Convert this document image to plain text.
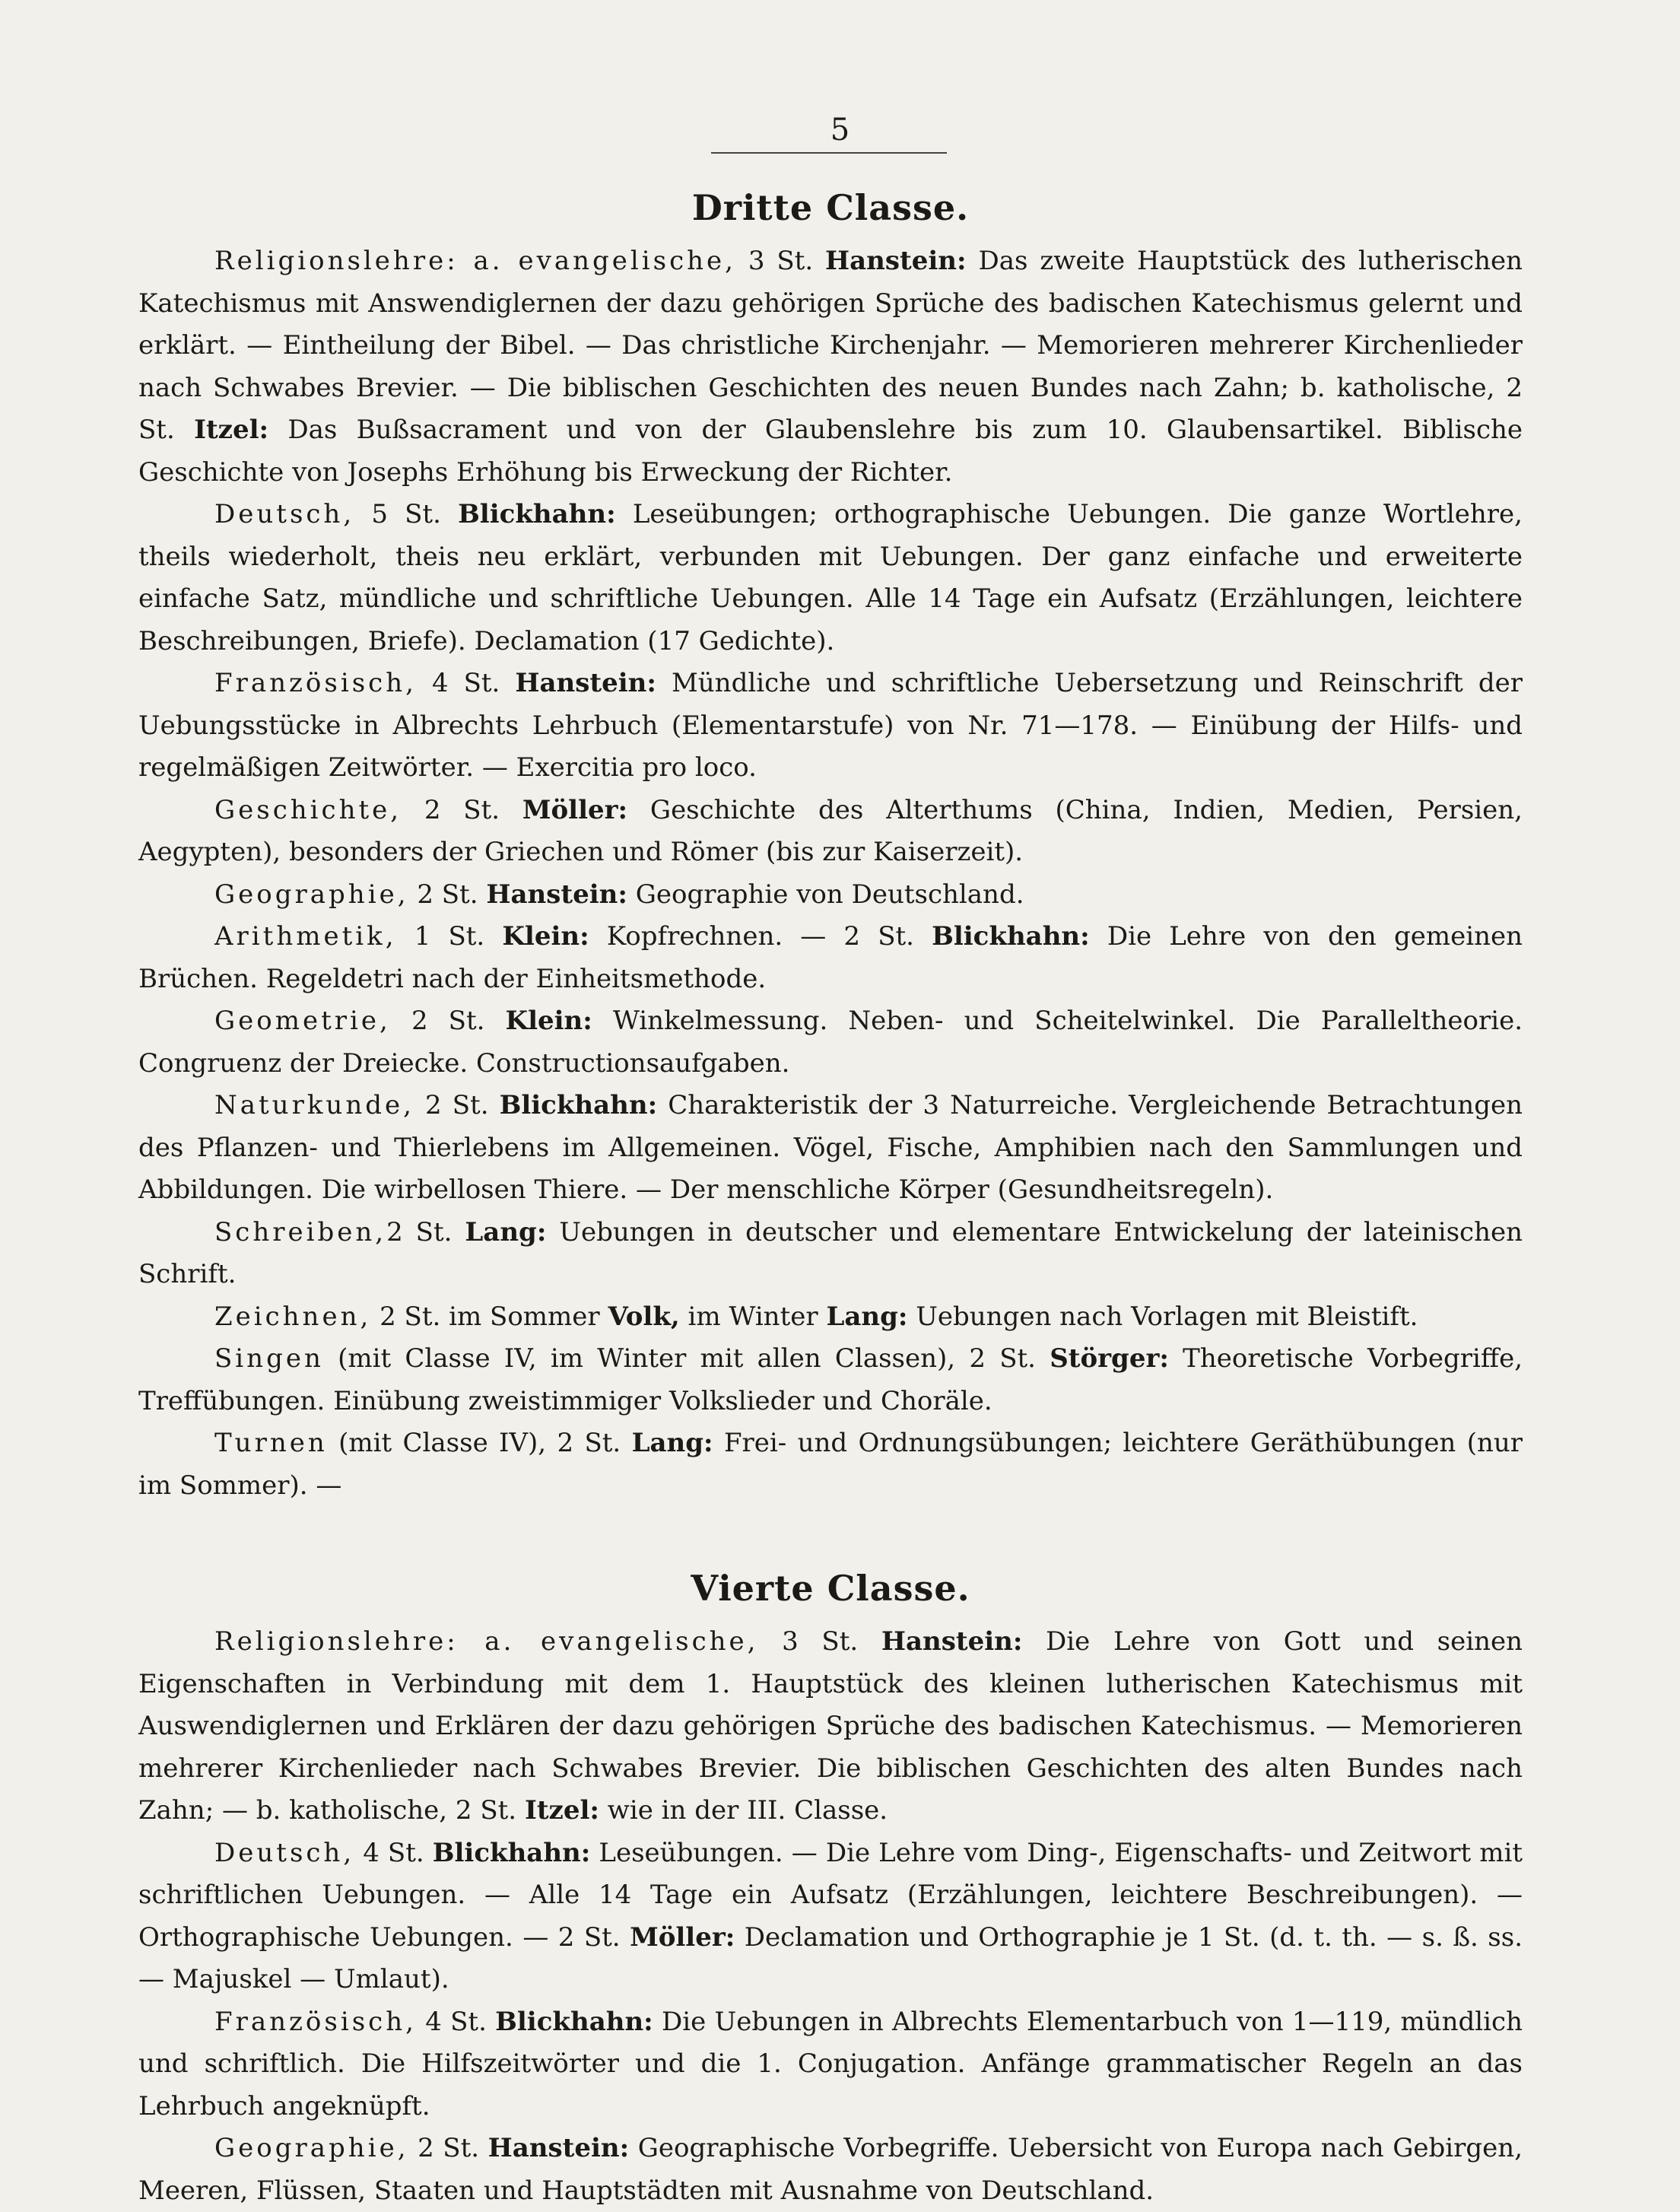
5
Dritte Classe.

Religionslehre: a. evangelische, 3 St. Hanstein: Das zweite Hauptstück des lutherischen Katechismus mit Answendiglernen der dazu gehörigen Sprüche des badischen Katechismus gelernt und erklärt. — Eintheilung der Bibel. — Das christliche Kirchenjahr. — Memorieren mehrerer Kirchenlieder nach Schwabes Brevier. — Die biblischen Geschichten des neuen Bundes nach Zahn; b. katholische, 2 St. Itzel: Das Bußsacrament und von der Glaubenslehre bis zum 10. Glaubensartikel. Biblische Geschichte von Josephs Erhöhung bis Erweckung der Richter.

Deutsch, 5 St. Blickhahn: Leseübungen; orthographische Uebungen. Die ganze Wortlehre, theils wiederholt, theis neu erklärt, verbunden mit Uebungen. Der ganz einfache und erweiterte einfache Satz, mündliche und schriftliche Uebungen. Alle 14 Tage ein Aufsatz (Erzählungen, leichtere Beschreibungen, Briefe). Declamation (17 Gedichte).

Französisch, 4 St. Hanstein: Mündliche und schriftliche Uebersetzung und Reinschrift der Uebungsstücke in Albrechts Lehrbuch (Elementarstufe) von Nr. 71—178. — Einübung der Hilfs- und regelmäßigen Zeitwörter. — Exercitia pro loco.

Geschichte, 2 St. Möller: Geschichte des Alterthums (China, Indien, Medien, Persien, Aegypten), besonders der Griechen und Römer (bis zur Kaiserzeit).

Geographie, 2 St. Hanstein: Geographie von Deutschland.

Arithmetik, 1 St. Klein: Kopfrechnen. — 2 St. Blickhahn: Die Lehre von den gemeinen Brüchen. Regeldetri nach der Einheitsmethode.

Geometrie, 2 St. Klein: Winkelmessung. Neben- und Scheitelwinkel. Die Paralleltheorie. Congruenz der Dreiecke. Constructionsaufgaben.

Naturkunde, 2 St. Blickhahn: Charakteristik der 3 Naturreiche. Vergleichende Betrachtungen des Pflanzen- und Thierlebens im Allgemeinen. Vögel, Fische, Amphibien nach den Sammlungen und Abbildungen. Die wirbellosen Thiere. — Der menschliche Körper (Gesundheitsregeln).

Schreiben,2 St. Lang: Uebungen in deutscher und elementare Entwickelung der lateinischen Schrift.

Zeichnen, 2 St. im Sommer Volk, im Winter Lang: Uebungen nach Vorlagen mit Bleistift.

Singen (mit Classe IV, im Winter mit allen Classen), 2 St. Störger: Theoretische Vorbegriffe, Treffübungen. Einübung zweistimmiger Volkslieder und Choräle.

Turnen (mit Classe IV), 2 St. Lang: Frei- und Ordnungsübungen; leichtere Geräthübungen (nur im Sommer). —

Vierte Classe.

Religionslehre: a. evangelische, 3 St. Hanstein: Die Lehre von Gott und seinen Eigenschaften in Verbindung mit dem 1. Hauptstück des kleinen lutherischen Katechismus mit Auswendiglernen und Erklären der dazu gehörigen Sprüche des badischen Katechismus. — Memorieren mehrerer Kirchenlieder nach Schwabes Brevier. Die biblischen Geschichten des alten Bundes nach Zahn; — b. katholische, 2 St. Itzel: wie in der III. Classe.

Deutsch, 4 St. Blickhahn: Leseübungen. — Die Lehre vom Ding-, Eigenschafts- und Zeitwort mit schriftlichen Uebungen. — Alle 14 Tage ein Aufsatz (Erzählungen, leichtere Beschreibungen). — Orthographische Uebungen. — 2 St. Möller: Declamation und Orthographie je 1 St. (d. t. th. — s. ß. ss. — Majuskel — Umlaut).

Französisch, 4 St. Blickhahn: Die Uebungen in Albrechts Elementarbuch von 1—119, mündlich und schriftlich. Die Hilfszeitwörter und die 1. Conjugation. Anfänge grammatischer Regeln an das Lehrbuch angeknüpft.

Geographie, 2 St. Hanstein: Geographische Vorbegriffe. Uebersicht von Europa nach Gebirgen, Meeren, Flüssen, Staaten und Hauptstädten mit Ausnahme von Deutschland.
